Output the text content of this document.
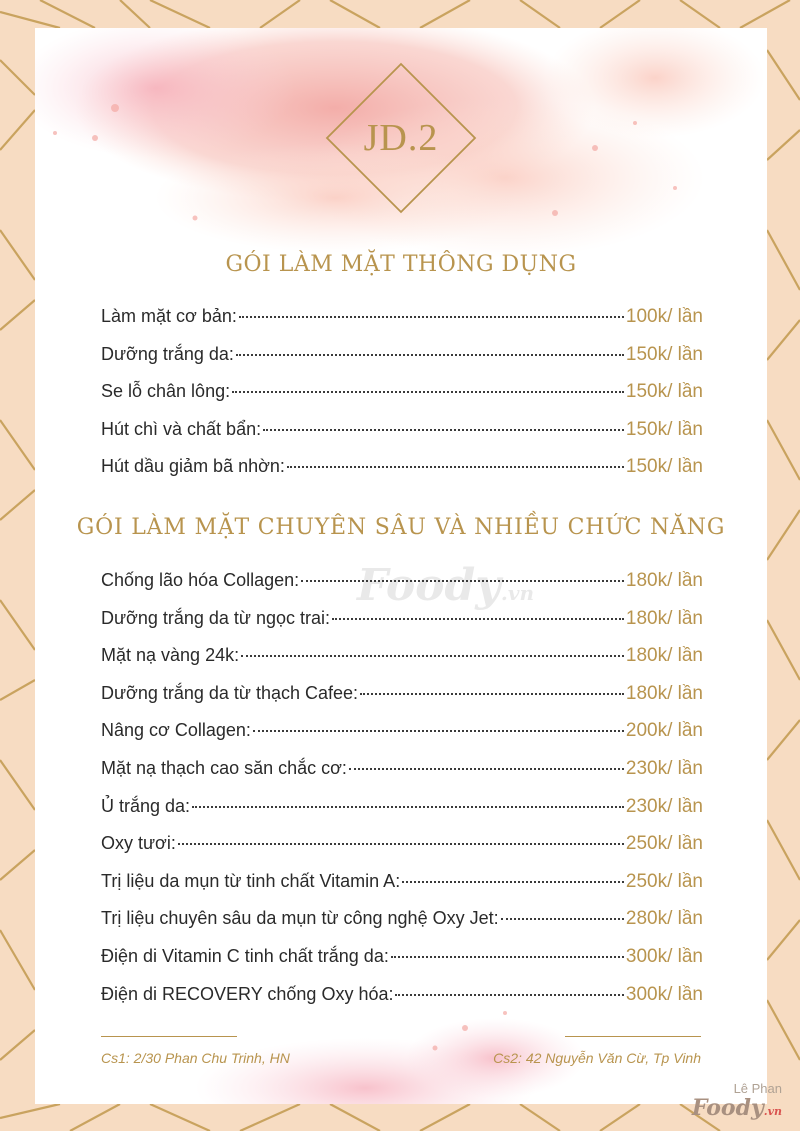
JD.2
GÓI LÀM MẶT THÔNG DỤNG
Làm mặt cơ bản:	100k/ lần
Dưỡng trắng da:	150k/ lần
Se lỗ chân lông:	150k/ lần
Hút chì và chất bẩn:	150k/ lần
Hút dầu giảm bã nhờn:	150k/ lần
GÓI LÀM MẶT CHUYÊN SÂU VÀ NHIỀU CHỨC NĂNG
Foody.vn
Chống lão hóa Collagen:	180k/ lần
Dưỡng trắng da từ ngọc trai:	180k/ lần
Mặt nạ vàng 24k:	180k/ lần
Dưỡng trắng da từ thạch Cafee:	180k/ lần
Nâng cơ Collagen:	200k/ lần
Mặt nạ thạch cao săn chắc cơ:	230k/ lần
Ủ trắng da:	230k/ lần
Oxy tươi:	250k/ lần
Trị liệu da mụn từ tinh chất Vitamin A:	250k/ lần
Trị liệu chuyên sâu da mụn từ công nghệ Oxy Jet:	280k/ lần
Điện di Vitamin C tinh chất trắng da:	300k/ lần
Điện di RECOVERY chống Oxy hóa:	300k/ lần
Cs1: 2/30 Phan Chu Trinh, HN	Cs2: 42 Nguyễn Văn Cừ, Tp Vinh
Lê Phan
Foody.vn
